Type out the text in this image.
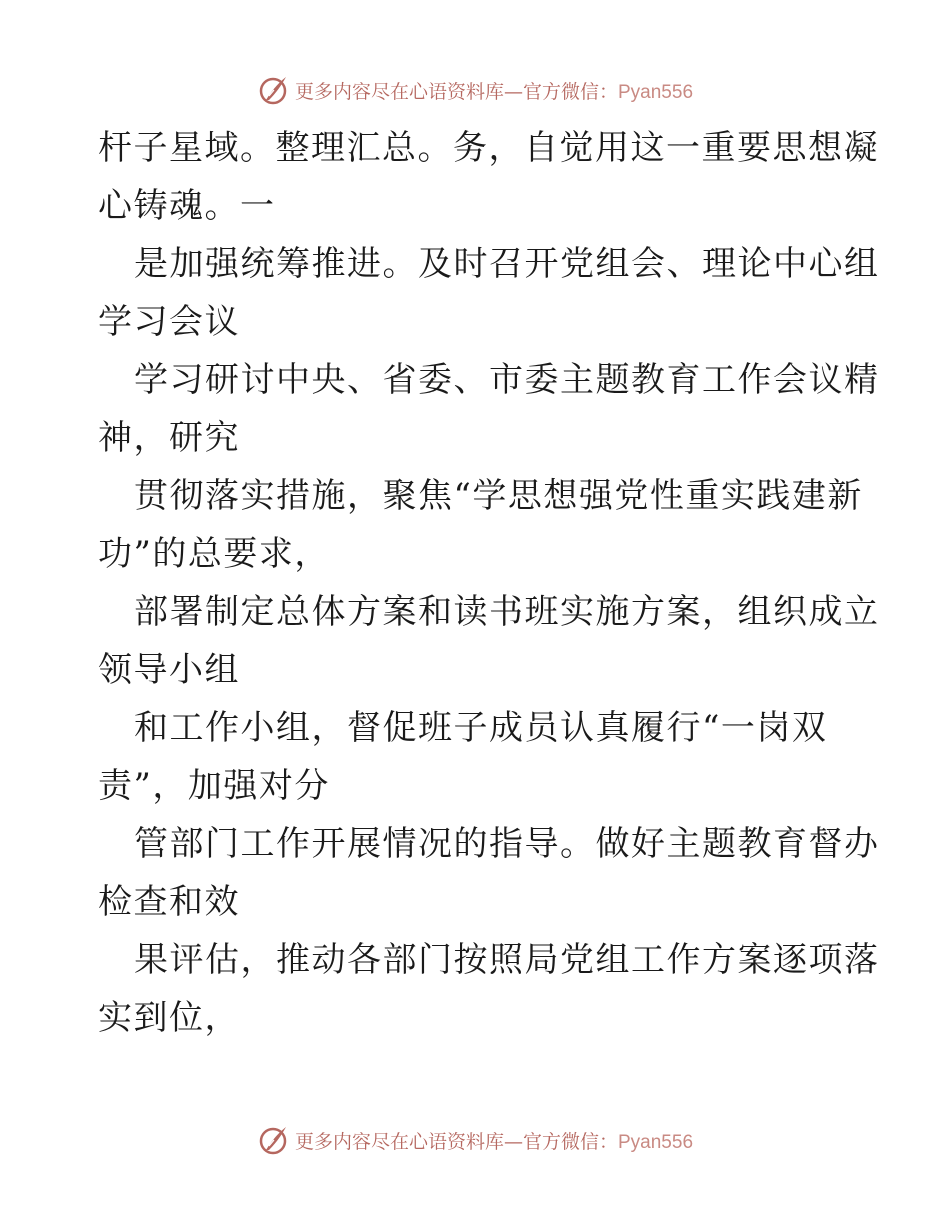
更多内容尽在心语资料库—官方微信：Pyan556
杆子星域。整理汇总。务，自觉用这一重要思想凝
心铸魂。一
是加强统筹推进。及时召开党组会、理论中心组
学习会议
学习研讨中央、省委、市委主题教育工作会议精
神，研究
贯彻落实措施，聚焦“学思想强党性重实践建新
功”的总要求，
部署制定总体方案和读书班实施方案，组织成立
领导小组
和工作小组，督促班子成员认真履行“一岗双
责”，加强对分
管部门工作开展情况的指导。做好主题教育督办
检查和效
果评估，推动各部门按照局党组工作方案逐项落
实到位，
更多内容尽在心语资料库—官方微信：Pyan556
